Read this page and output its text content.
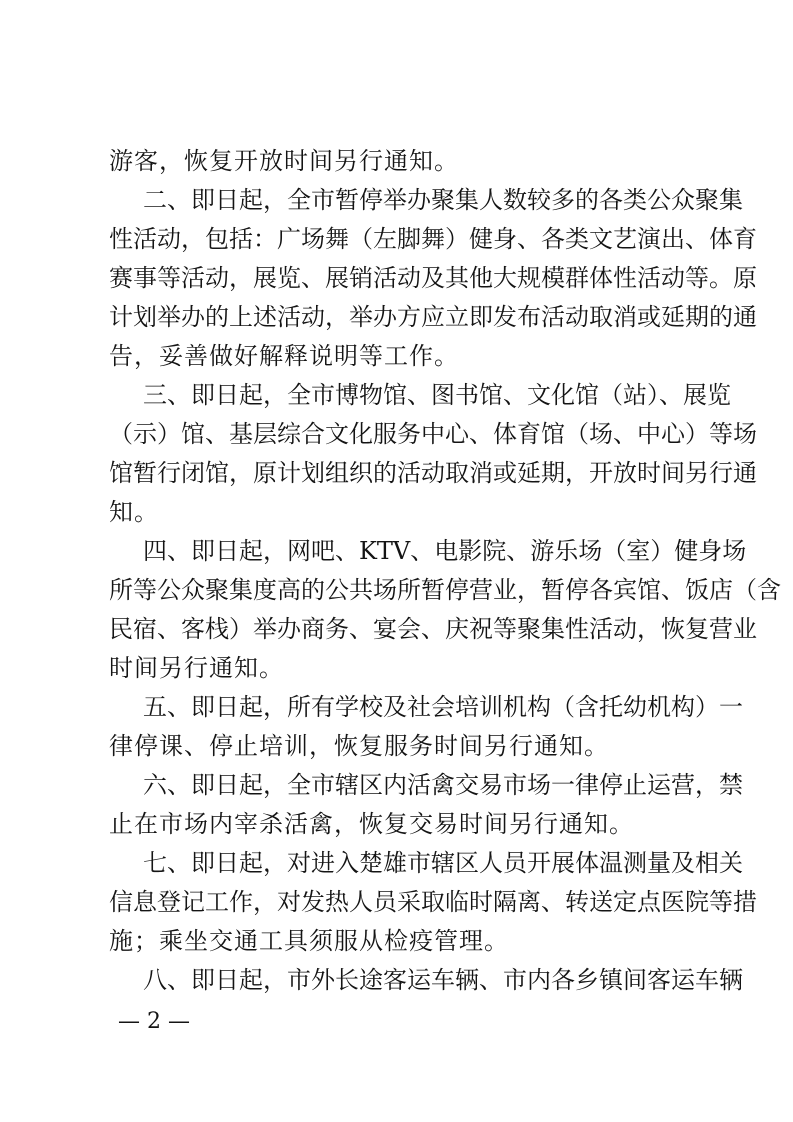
游客，恢复开放时间另行通知。
二、即日起，全市暂停举办聚集人数较多的各类公众聚集
性活动，包括：广场舞（左脚舞）健身、各类文艺演出、体育
赛事等活动，展览、展销活动及其他大规模群体性活动等。原
计划举办的上述活动，举办方应立即发布活动取消或延期的通
告，妥善做好解释说明等工作。
三、即日起，全市博物馆、图书馆、文化馆（站）、展览
（示）馆、基层综合文化服务中心、体育馆（场、中心）等场
馆暂行闭馆，原计划组织的活动取消或延期，开放时间另行通
知。
四、即日起，网吧、KTV、电影院、游乐场（室）健身场
所等公众聚集度高的公共场所暂停营业，暂停各宾馆、饭店（含
民宿、客栈）举办商务、宴会、庆祝等聚集性活动，恢复营业
时间另行通知。
五、即日起，所有学校及社会培训机构（含托幼机构）一
律停课、停止培训，恢复服务时间另行通知。
六、即日起，全市辖区内活禽交易市场一律停止运营，禁
止在市场内宰杀活禽，恢复交易时间另行通知。
七、即日起，对进入楚雄市辖区人员开展体温测量及相关
信息登记工作，对发热人员采取临时隔离、转送定点医院等措
施；乘坐交通工具须服从检疫管理。
八、即日起，市外长途客运车辆、市内各乡镇间客运车辆
— 2 —
